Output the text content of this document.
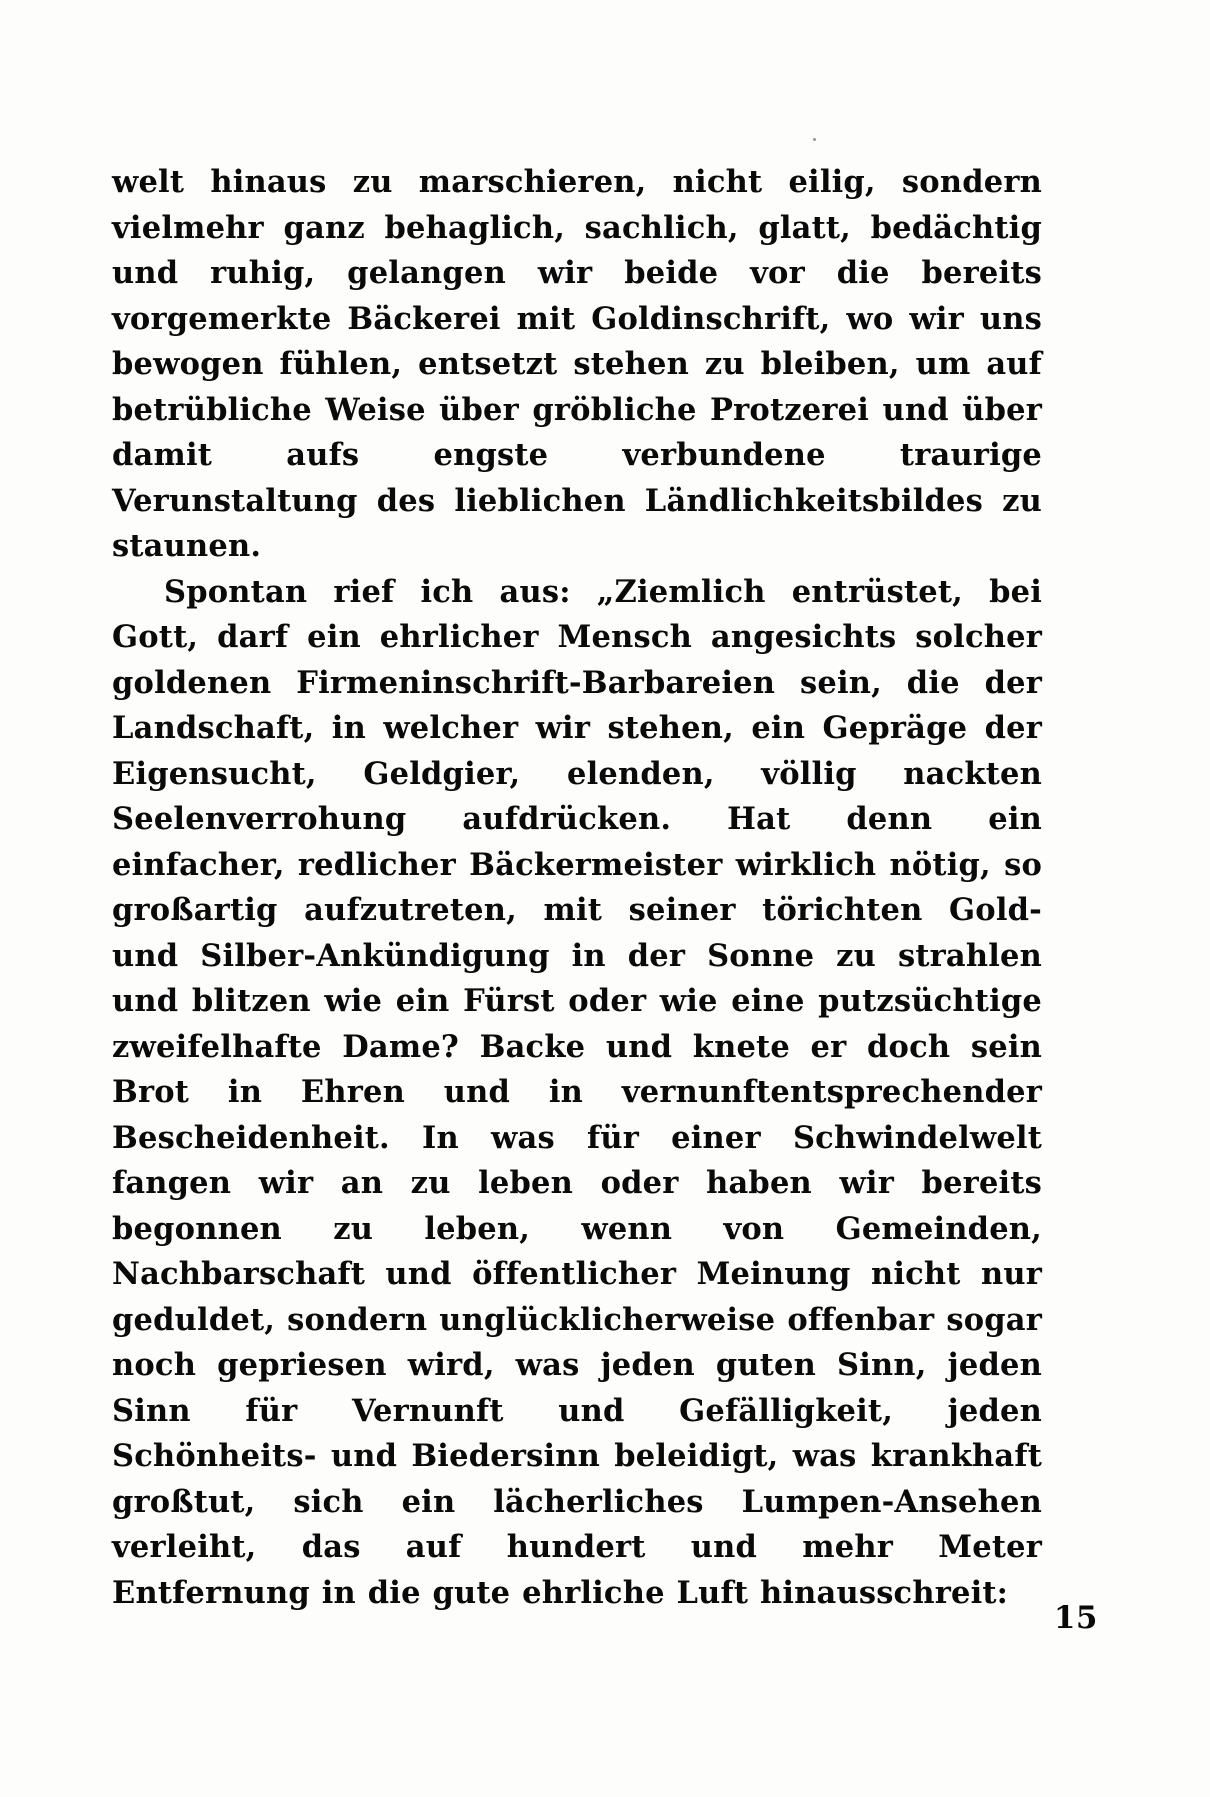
welt hinaus zu marschieren, nicht eilig, sondern vielmehr ganz behaglich, sachlich, glatt, bedächtig und ruhig, gelangen wir beide vor die bereits vorgemerkte Bäckerei mit Goldinschrift, wo wir uns bewogen fühlen, entsetzt stehen zu bleiben, um auf betrübliche Weise über gröbliche Protzerei und über damit aufs engste verbundene traurige Verunstaltung des lieblichen Ländlichkeitsbildes zu staunen.

Spontan rief ich aus: „Ziemlich entrüstet, bei Gott, darf ein ehrlicher Mensch angesichts solcher goldenen Firmeninschrift-Barbareien sein, die der Landschaft, in welcher wir stehen, ein Gepräge der Eigensucht, Geldgier, elenden, völlig nackten Seelenverrohung aufdrücken. Hat denn ein einfacher, redlicher Bäckermeister wirklich nötig, so großartig aufzutreten, mit seiner törichten Gold- und Silber-Ankündigung in der Sonne zu strahlen und blitzen wie ein Fürst oder wie eine putzsüchtige zweifelhafte Dame? Backe und knete er doch sein Brot in Ehren und in vernunftentsprechender Bescheidenheit. In was für einer Schwindelwelt fangen wir an zu leben oder haben wir bereits begonnen zu leben, wenn von Gemeinden, Nachbarschaft und öffentlicher Meinung nicht nur geduldet, sondern unglücklicherweise offenbar sogar noch gepriesen wird, was jeden guten Sinn, jeden Sinn für Vernunft und Gefälligkeit, jeden Schönheits- und Biedersinn beleidigt, was krankhaft großtut, sich ein lächerliches Lumpen-Ansehen verleiht, das auf hundert und mehr Meter Entfernung in die gute ehrliche Luft hinausschreit:

15
